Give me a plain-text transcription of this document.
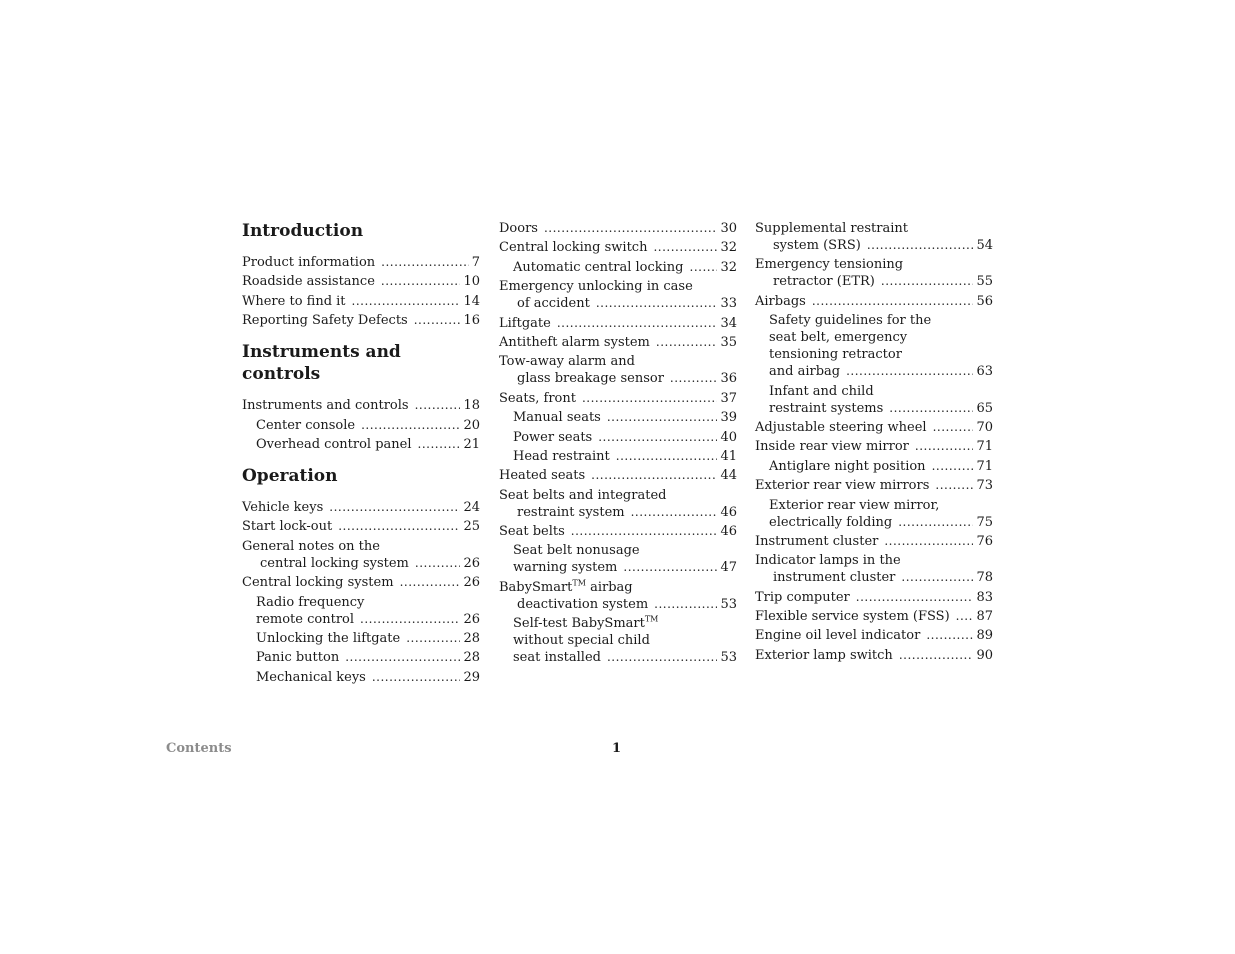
Introduction
Product information .....	7
Roadside assistance .....	10
Where to find it .....	14
Reporting Safety Defects .....	16
Instruments and controls
Instruments and controls .....	18
Center console .....	20
Overhead control panel .....	21
Operation
Vehicle keys .....	24
Start lock-out .....	25
General notes on the
central locking system .....	26
Central locking system .....	26
Radio frequency
remote control .....	26
Unlocking the liftgate .....	28
Panic button .....	28
Mechanical keys .....	29
Doors .....	30
Central locking switch .....	32
Automatic central locking .....	32
Emergency unlocking in case
of accident .....	33
Liftgate .....	34
Antitheft alarm system .....	35
Tow-away alarm and
glass breakage sensor .....	36
Seats, front .....	37
Manual seats .....	39
Power seats .....	40
Head restraint .....	41
Heated seats .....	44
Seat belts and integrated
restraint system .....	46
Seat belts .....	46
Seat belt nonusage
warning system .....	47
BabySmart™ airbag
deactivation system .....	53
Self-test BabySmart™
without special child
seat installed .....	53
Supplemental restraint
system (SRS) .....	54
Emergency tensioning
retractor (ETR) .....	55
Airbags .....	56
Safety guidelines for the
seat belt, emergency
tensioning retractor
and airbag .....	63
Infant and child
restraint systems .....	65
Adjustable steering wheel .....	70
Inside rear view mirror .....	71
Antiglare night position .....	71
Exterior rear view mirrors .....	73
Exterior rear view mirror,
electrically folding .....	75
Instrument cluster .....	76
Indicator lamps in the
instrument cluster .....	78
Trip computer .....	83
Flexible service system (FSS) ..... 87
Engine oil level indicator .....	89
Exterior lamp switch .....	90
Contents	1
